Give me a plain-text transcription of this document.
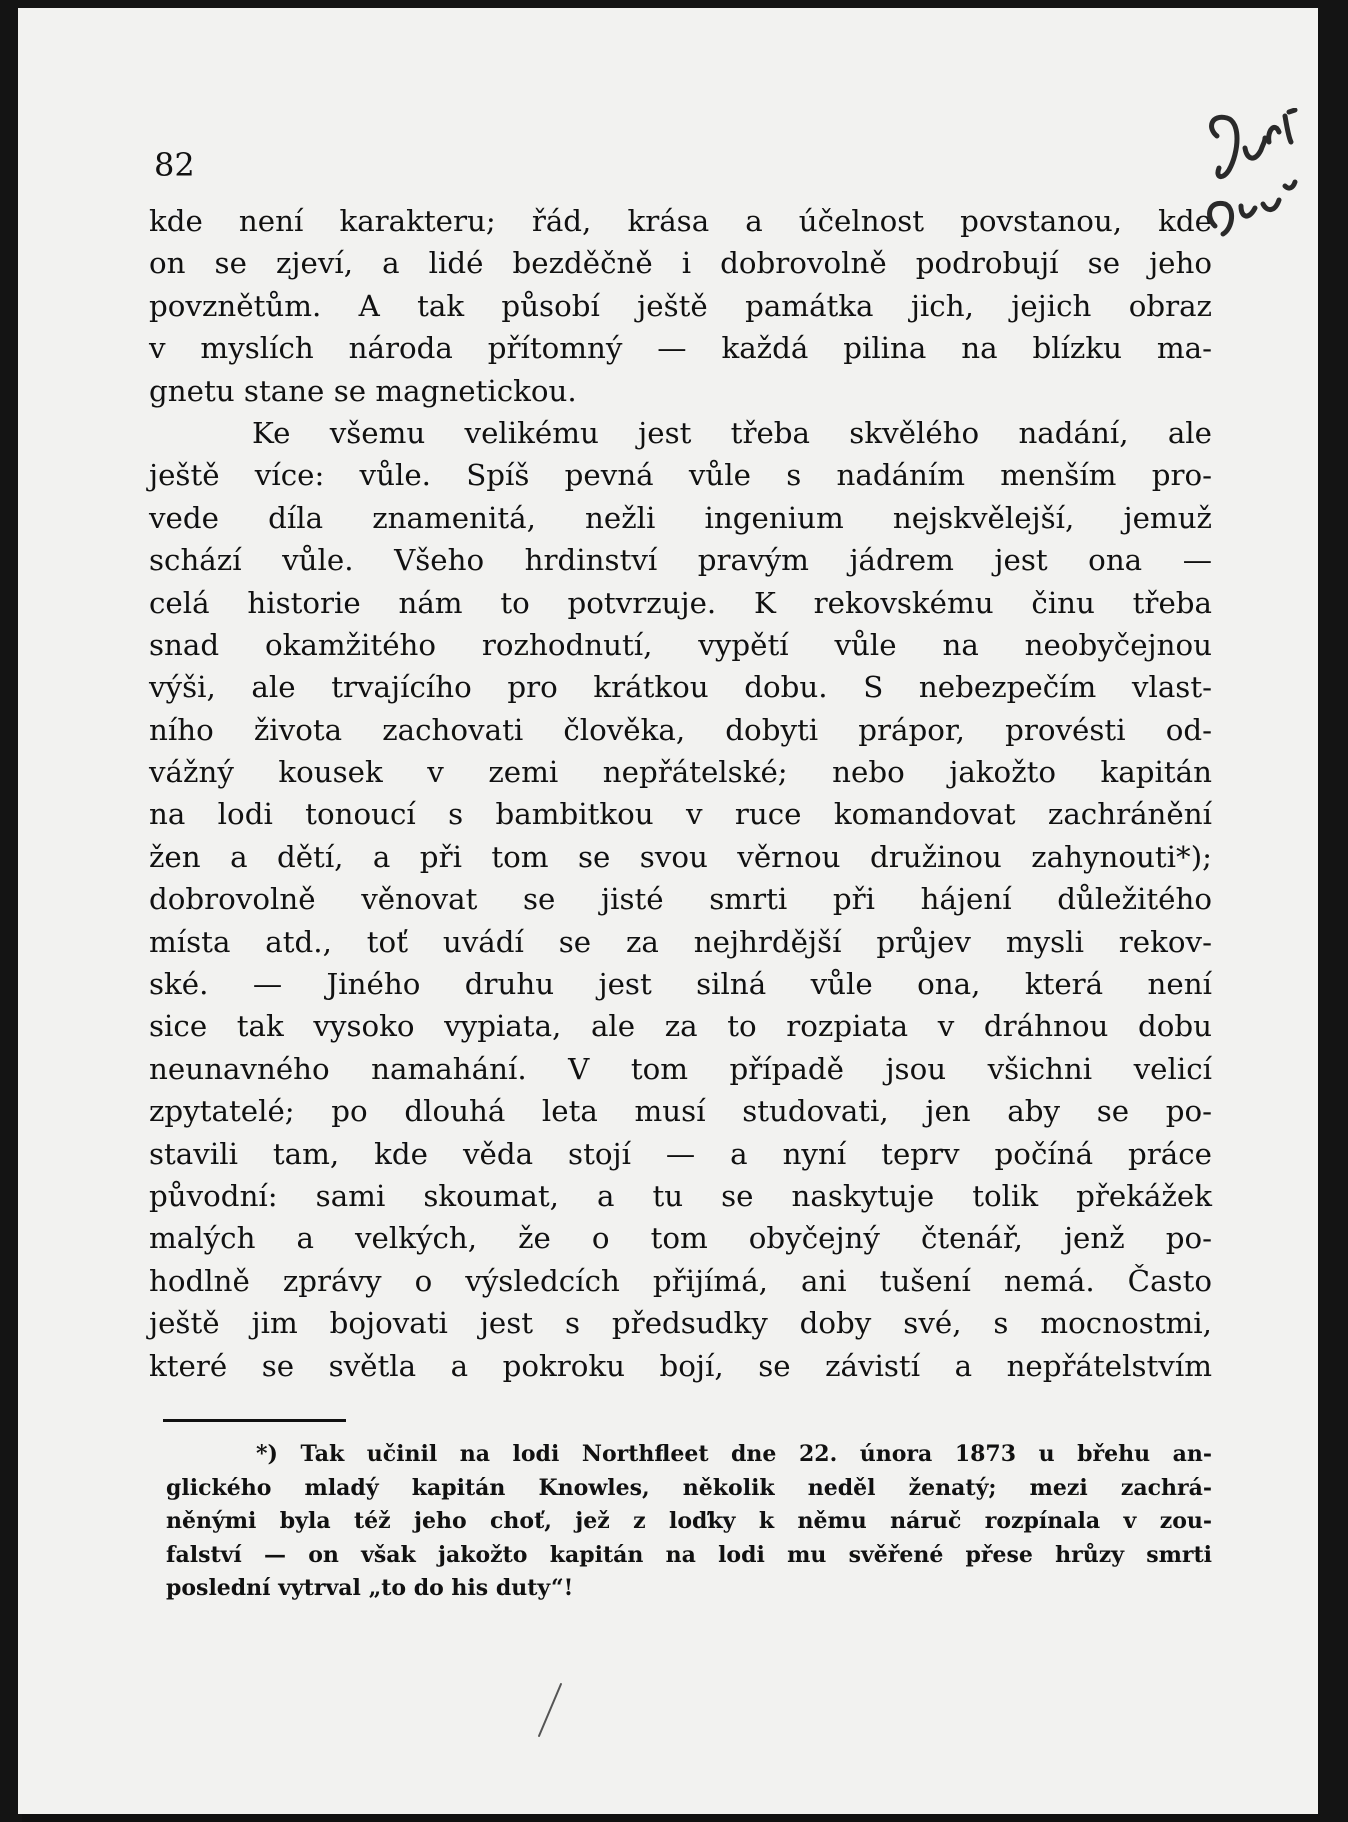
82
kde není karakteru; řád, krása a účelnost povstanou, kde
on se zjeví, a lidé bezděčně i dobrovolně podrobují se jeho
povznětům. A tak působí ještě památka jich, jejich obraz
v myslích národa přítomný — každá pilina na blízku ma-
gnetu stane se magnetickou.
Ke všemu velikému jest třeba skvělého nadání, ale
ještě více: vůle. Spíš pevná vůle s nadáním menším pro-
vede díla znamenitá, nežli ingenium nejskvělejší, jemuž
schází vůle. Všeho hrdinství pravým jádrem jest ona —
celá historie nám to potvrzuje. K rekovskému činu třeba
snad okamžitého rozhodnutí, vypětí vůle na neobyčejnou
výši, ale trvajícího pro krátkou dobu. S nebezpečím vlast-
ního života zachovati člověka, dobyti prápor, provésti od-
vážný kousek v zemi nepřátelské; nebo jakožto kapitán
na lodi tonoucí s bambitkou v ruce komandovat zachránění
žen a dětí, a při tom se svou věrnou družinou zahynouti*);
dobrovolně věnovat se jisté smrti při hájení důležitého
místa atd., toť uvádí se za nejhrdější průjev mysli rekov-
ské. — Jiného druhu jest silná vůle ona, která není
sice tak vysoko vypiata, ale za to rozpiata v dráhnou dobu
neunavného namahání. V tom případě jsou všichni velicí
zpytatelé; po dlouhá leta musí studovati, jen aby se po-
stavili tam, kde věda stojí — a nyní teprv počíná práce
původní: sami skoumat, a tu se naskytuje tolik překážek
malých a velkých, že o tom obyčejný čtenář, jenž po-
hodlně zprávy o výsledcích přijímá, ani tušení nemá. Často
ještě jim bojovati jest s předsudky doby své, s mocnostmi,
které se světla a pokroku bojí, se závistí a nepřátelstvím
*) Tak učinil na lodi Northfleet dne 22. února 1873 u břehu an-
glického mladý kapitán Knowles, několik neděl ženatý; mezi zachrá-
něnými byla též jeho choť, jež z loďky k němu náruč rozpínala v zou-
falství — on však jakožto kapitán na lodi mu svěřené přese hrůzy smrti
poslední vytrval „to do his duty“!
